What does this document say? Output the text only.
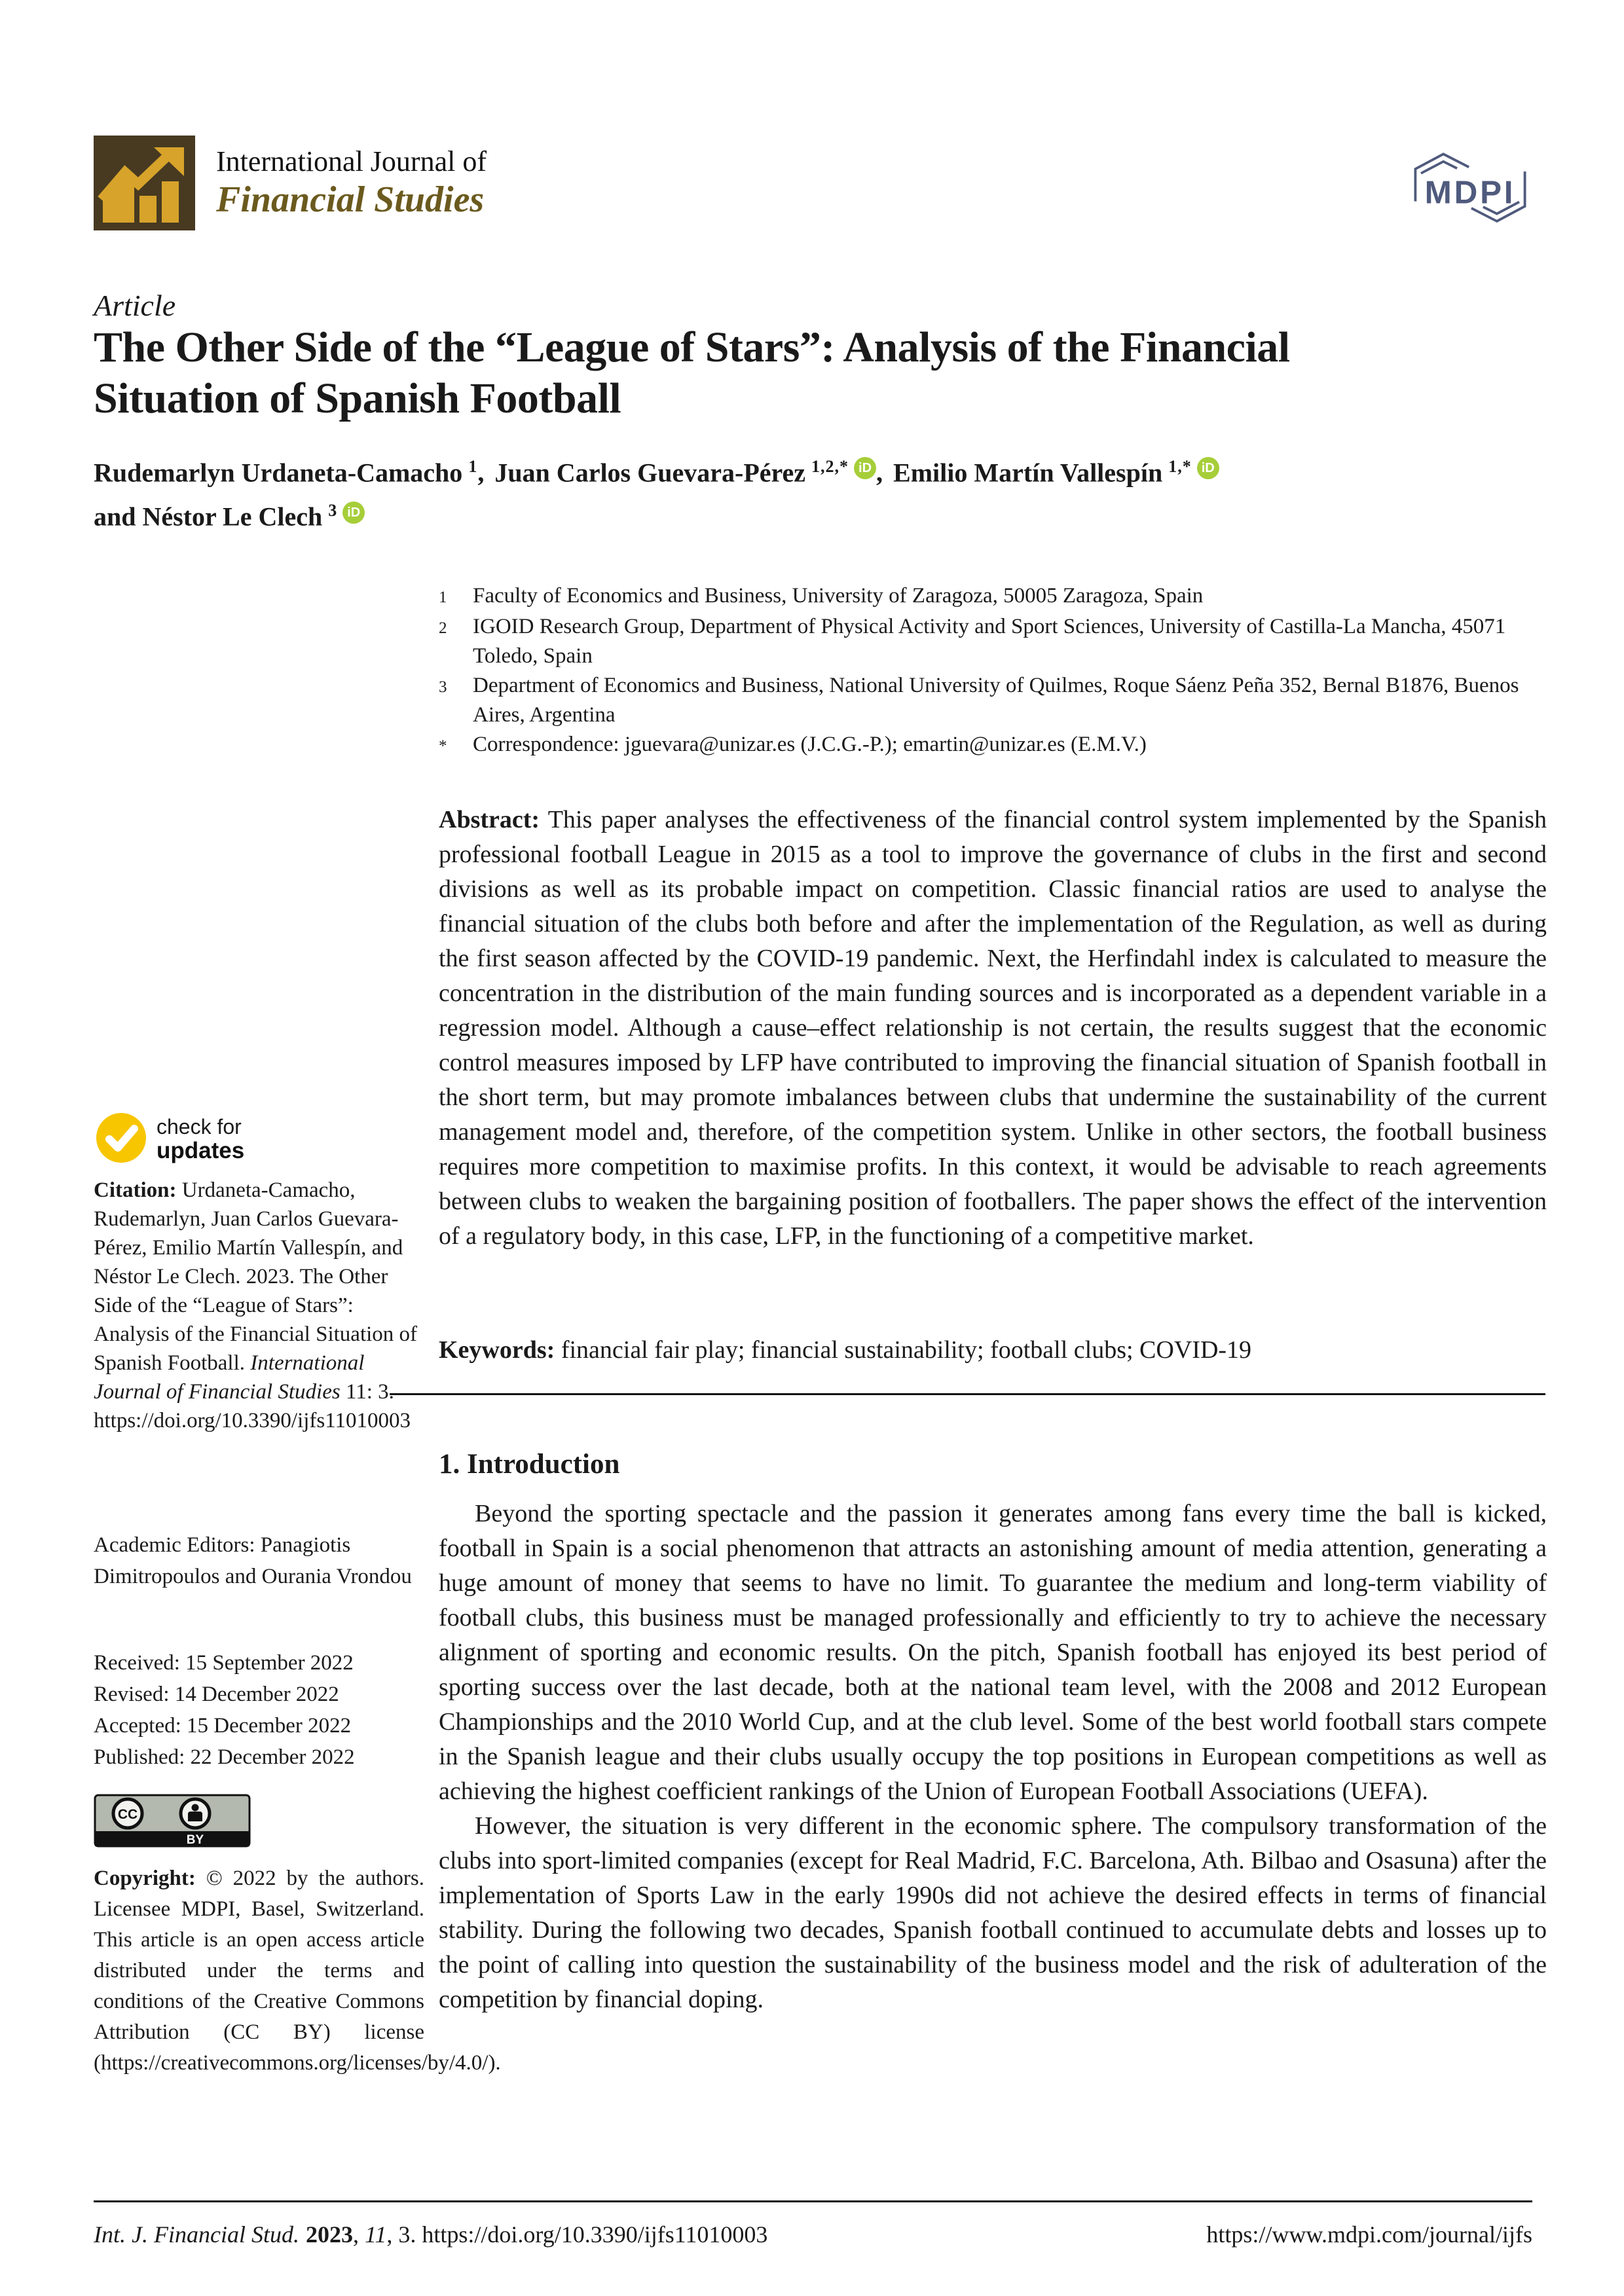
International Journal of
Financial Studies	MDPI
Article
The Other Side of the “League of Stars”: Analysis of the Financial Situation of Spanish Football
Rudemarlyn Urdaneta-Camacho $^1$, Juan Carlos Guevara-Pérez $^{1,2,*}$ iD , Emilio Martín Vallespín $^{1,*}$ iD
and Néstor Le Clech $^3$ iD
1	Faculty of Economics and Business, University of Zaragoza, 50005 Zaragoza, Spain
2	IGOID Research Group, Department of Physical Activity and Sport Sciences, University of Castilla-La Mancha, 45071 Toledo, Spain
3	Department of Economics and Business, National University of Quilmes, Roque Sáenz Peña 352, Bernal B1876, Buenos Aires, Argentina
*	Correspondence: jguevara@unizar.es (J.C.G.-P.); emartin@unizar.es (E.M.V.)

Abstract: This paper analyses the effectiveness of the financial control system implemented by the Spanish professional football League in 2015 as a tool to improve the governance of clubs in the first and second divisions as well as its probable impact on competition. Classic financial ratios are used to analyse the financial situation of the clubs both before and after the implementation of the Regulation, as well as during the first season affected by the COVID-19 pandemic. Next, the Herfindahl index is calculated to measure the concentration in the distribution of the main funding sources and is incorporated as a dependent variable in a regression model. Although a cause–effect relationship is not certain, the results suggest that the economic control measures imposed by LFP have contributed to improving the financial situation of Spanish football in the short term, but may promote imbalances between clubs that undermine the sustainability of the current management model and, therefore, of the competition system. Unlike in other sectors, the football business requires more competition to maximise profits. In this context, it would be advisable to reach agreements between clubs to weaken the bargaining position of footballers. The paper shows the effect of the intervention of a regulatory body, in this case, LFP, in the functioning of a competitive market.

Keywords: financial fair play; financial sustainability; football clubs; COVID-19

1. Introduction

Beyond the sporting spectacle and the passion it generates among fans every time the ball is kicked, football in Spain is a social phenomenon that attracts an astonishing amount of media attention, generating a huge amount of money that seems to have no limit. To guarantee the medium and long-term viability of football clubs, this business must be managed professionally and efficiently to try to achieve the necessary alignment of sporting and economic results. On the pitch, Spanish football has enjoyed its best period of sporting success over the last decade, both at the national team level, with the 2008 and 2012 European Championships and the 2010 World Cup, and at the club level. Some of the best world football stars compete in the Spanish league and their clubs usually occupy the top positions in European competitions as well as achieving the highest coefficient rankings of the Union of European Football Associations (UEFA).

However, the situation is very different in the economic sphere. The compulsory transformation of the clubs into sport-limited companies (except for Real Madrid, F.C. Barcelona, Ath. Bilbao and Osasuna) after the implementation of Sports Law in the early 1990s did not achieve the desired effects in terms of financial stability. During the following two decades, Spanish football continued to accumulate debts and losses up to the point of calling into question the sustainability of the business model and the risk of adulteration of the competition by financial doping.

check for
updates
Citation: Urdaneta-Camacho, Rudemarlyn, Juan Carlos Guevara-Pérez, Emilio Martín Vallespín, and Néstor Le Clech. 2023. The Other Side of the “League of Stars”: Analysis of the Financial Situation of Spanish Football. International Journal of Financial Studies 11: 3. https://doi.org/10.3390/ijfs11010003
Academic Editors: Panagiotis Dimitropoulos and Ourania Vrondou
Received: 15 September 2022
Revised: 14 December 2022
Accepted: 15 December 2022
Published: 22 December 2022
CC
BY
Copyright: © 2022 by the authors. Licensee MDPI, Basel, Switzerland. This article is an open access article distributed under the terms and conditions of the Creative Commons Attribution (CC BY) license (https://creativecommons.org/licenses/by/4.0/).
Int. J. Financial Stud. 2023, 11, 3. https://doi.org/10.3390/ijfs11010003	https://www.mdpi.com/journal/ijfs
